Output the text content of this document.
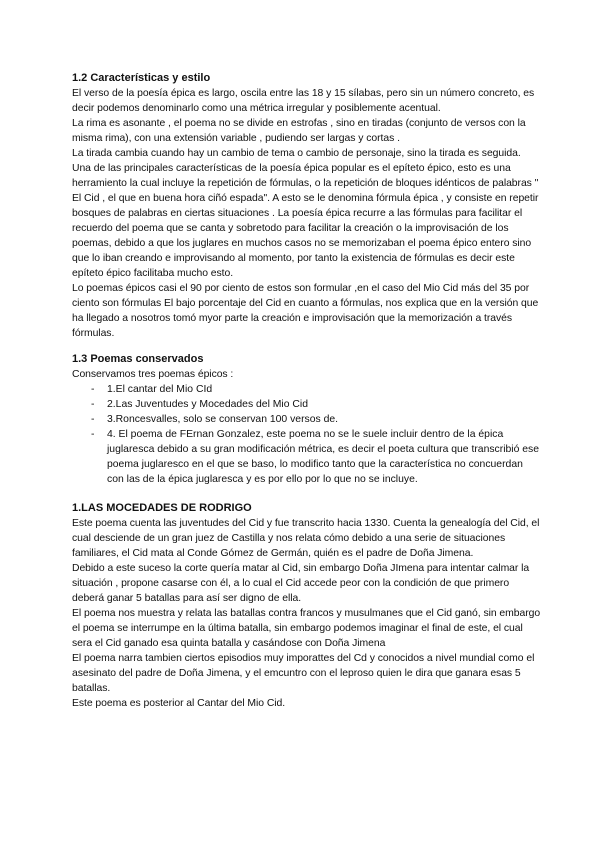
1.2 Características y estilo

El verso de la poesía épica es largo, oscila entre las 18 y 15 sílabas, pero sin un número concreto, es decir podemos denominarlo como una métrica irregular y posiblemente acentual.

La rima es asonante , el poema no se divide en estrofas , sino en tiradas (conjunto de versos con la misma rima), con una extensión variable , pudiendo ser largas y cortas .

La tirada cambia cuando hay un cambio de tema o cambio de personaje, sino la tirada es seguida.

Una de las principales características de la poesía épica popular es el epíteto épico, esto es una herramiento la cual incluye la repetición de fórmulas, o la repetición de bloques idénticos de palabras " El Cid , el que en buena hora ciñó espada". A esto se le denomina fórmula épica , y consiste en repetir bosques de palabras en ciertas situaciones . La poesía épica recurre a las fórmulas para facilitar el recuerdo del poema que se canta y sobretodo para facilitar la creación o la improvisación de los poemas, debido a que los juglares en muchos casos no se memorizaban el poema épico entero sino que lo iban creando e improvisando al momento, por tanto la existencia de fórmulas es decir este epíteto épico facilitaba mucho esto.

Lo poemas épicos casi el 90 por ciento de estos son formular ,en el caso del Mio Cid más del 35 por ciento son fórmulas El bajo porcentaje del Cid en cuanto a fórmulas, nos explica que en la versión que ha llegado a nosotros tomó myor parte la creación e improvisación que la memorización a través fórmulas.

1.3 Poemas conservados

Conservamos tres poemas épicos :

- 1.El cantar del Mio CId
- 2.Las Juventudes y Mocedades del Mio Cid
- 3.Roncesvalles, solo se conservan 100 versos de.
- 4. El poema de FErnan Gonzalez, este poema no se le suele incluir dentro de la épica juglaresca debido a su gran modificación métrica, es decir el poeta cultura que transcribió ese poema juglaresco en el que se baso, lo modifico tanto que la característica no concuerdan con las de la épica juglaresca y es por ello por lo que no se incluye.
1.LAS MOCEDADES DE RODRIGO

Este poema cuenta las juventudes del Cid y fue transcrito hacia 1330. Cuenta la genealogía del Cid, el cual desciende de un gran juez de Castilla y nos relata cómo debido a una serie de situaciones familiares, el Cid mata al Conde Gómez de Germán, quién es el padre de Doña Jimena.

Debido a este suceso la corte quería matar al Cid, sin embargo Doña JImena para intentar calmar la situación , propone casarse con él, a lo cual el Cid accede peor con la condición de que primero deberá ganar 5 batallas para así ser digno de ella.

El poema nos muestra y relata las batallas contra francos y musulmanes que el Cid ganó, sin embargo el poema se interrumpe en la última batalla, sin embargo podemos imaginar el final de este, el cual sera el Cid ganado esa quinta batalla y casándose con Doña Jimena

El poema narra tambien ciertos episodios muy imporattes del Cd y conocidos a nivel mundial como el asesinato del padre de Doña Jimena, y el emcuntro con el leproso quien le dira que ganara esas 5 batallas.

Este poema es posterior al Cantar del Mio Cid.
